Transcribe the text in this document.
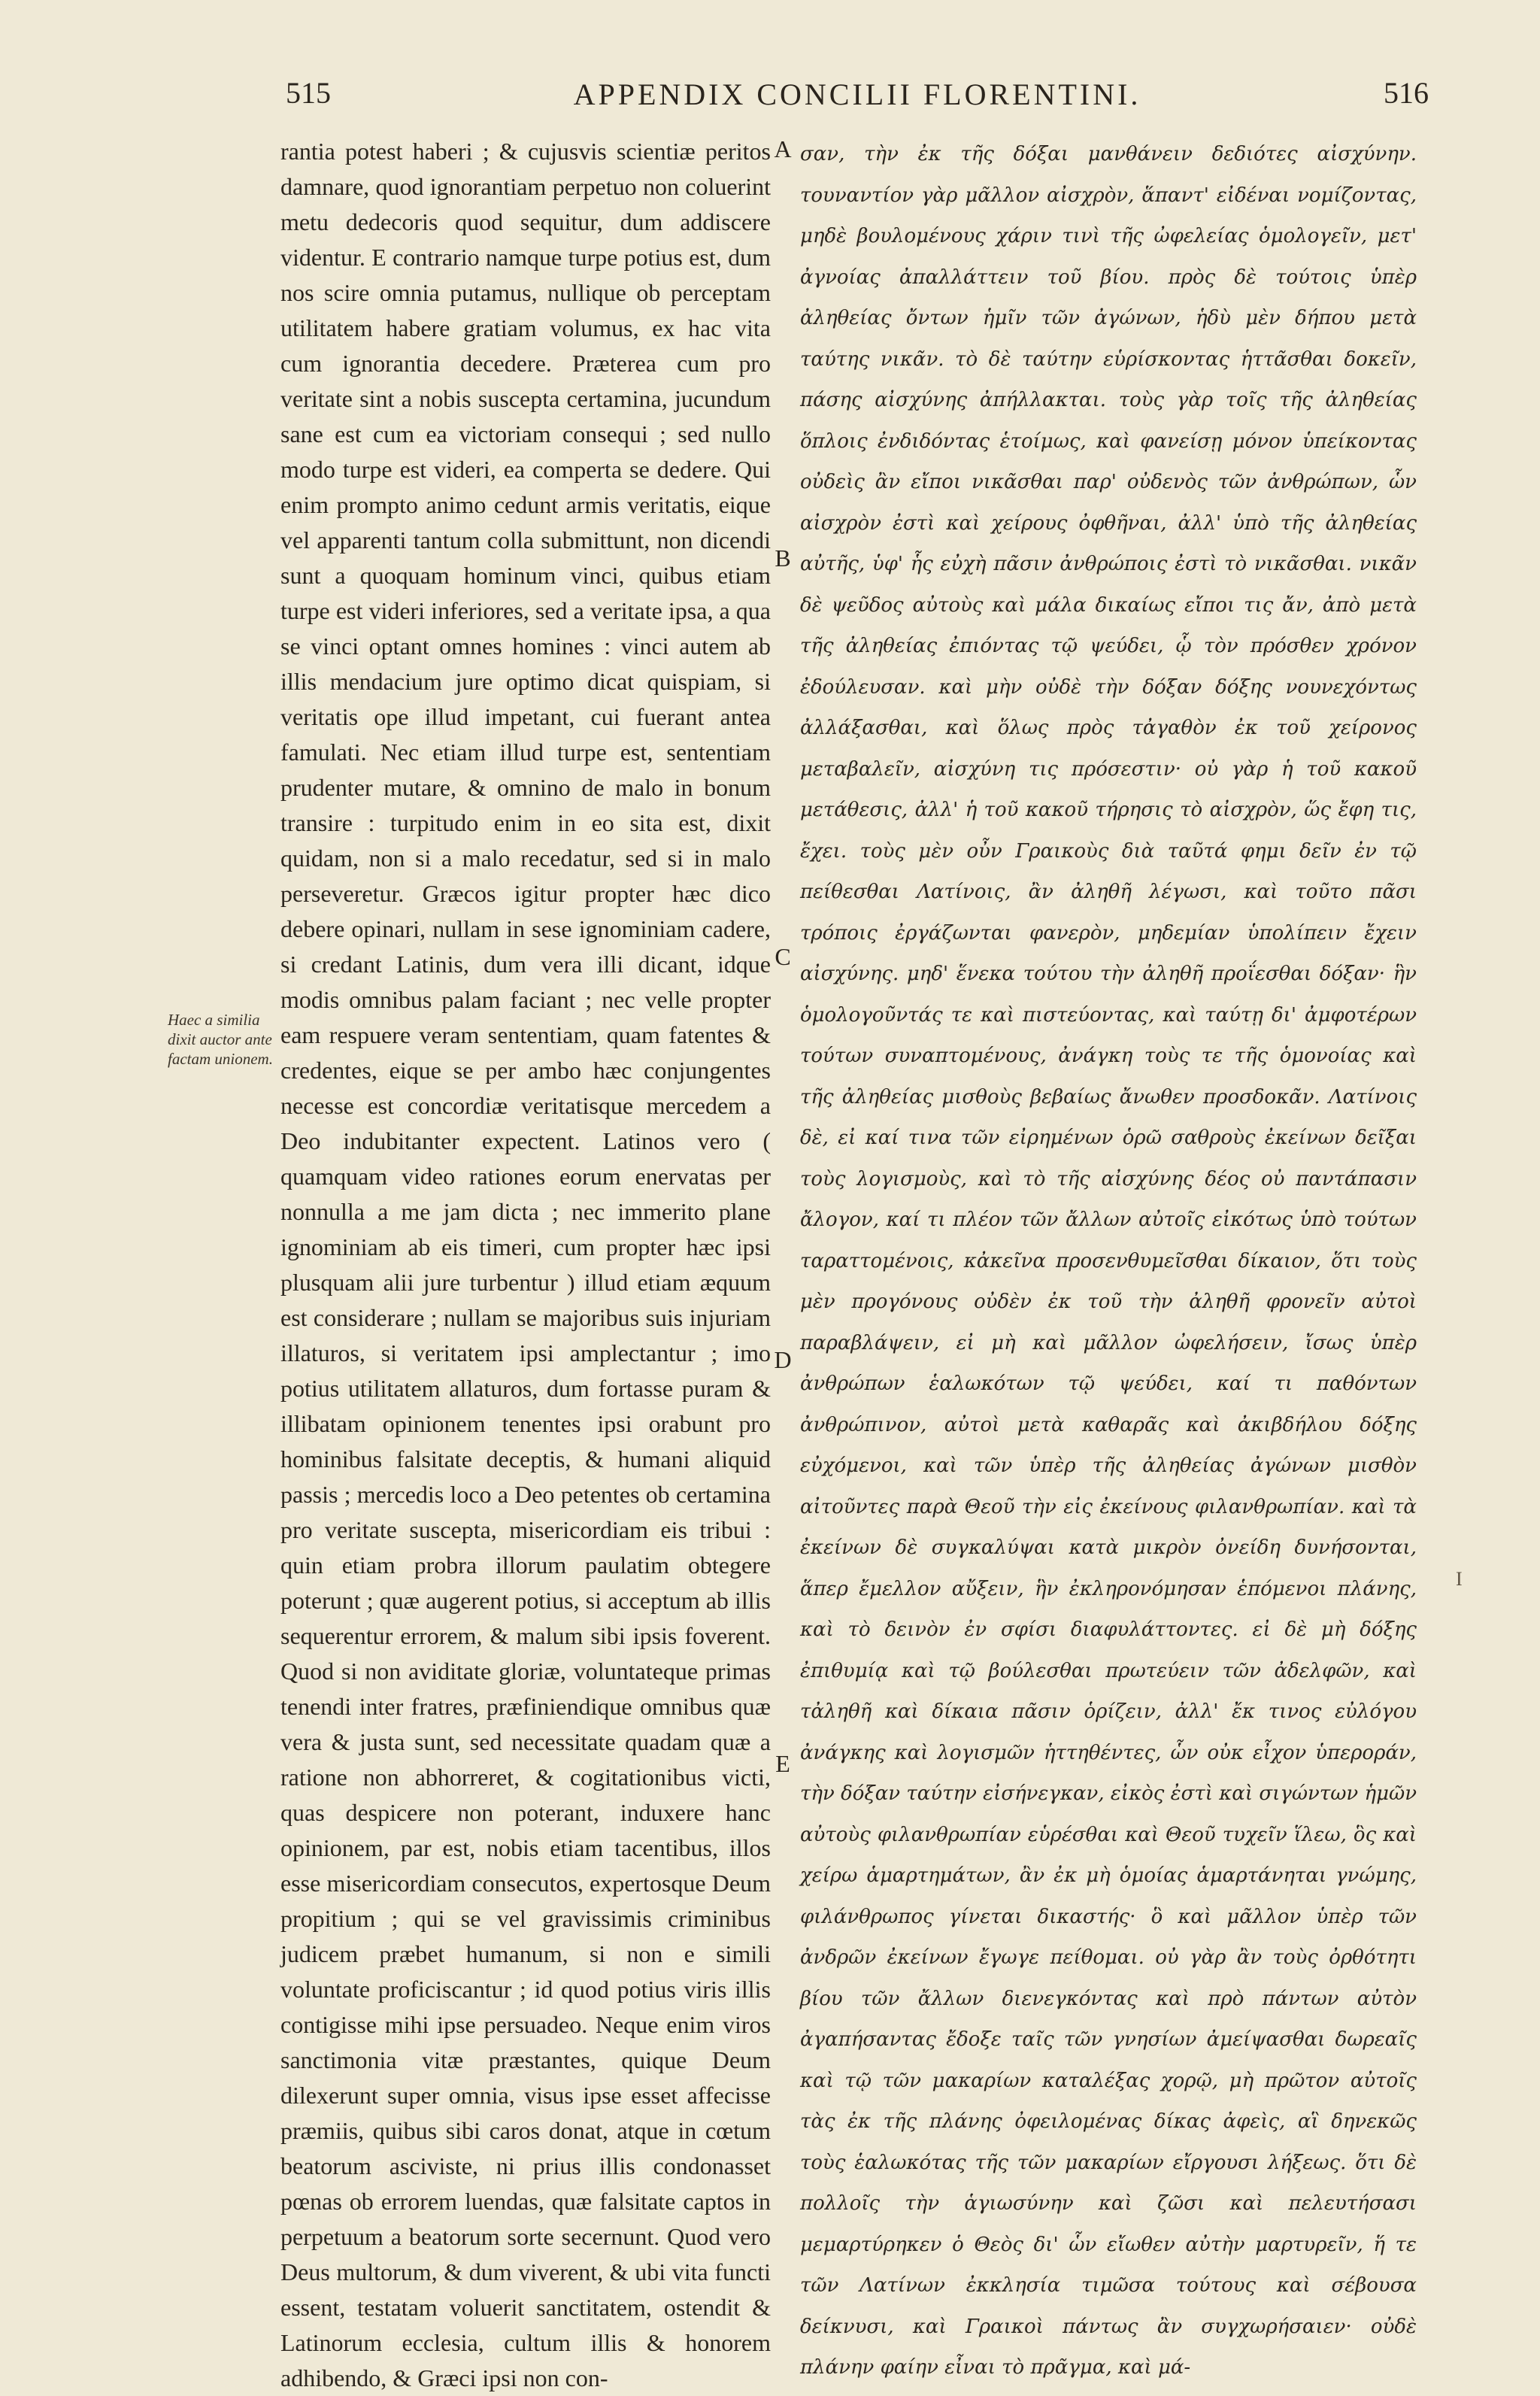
515	APPENDIX CONCILII FLORENTINI.	516

rantia potest haberi ; & cujusvis scientiæ peritos damnare, quod ignorantiam perpetuo non coluerint metu dedecoris quod sequitur, dum addiscere videntur. E contrario namque turpe potius est, dum nos scire omnia putamus, nullique ob perceptam utilitatem habere gratiam volumus, ex hac vita cum ignorantia decedere. Præterea cum pro veritate sint a nobis suscepta certamina, jucundum sane est cum ea victoriam consequi ; sed nullo modo turpe est videri, ea comperta se dedere. Qui enim prompto animo cedunt armis veritatis, eique vel apparenti tantum colla submittunt, non dicendi sunt a quoquam hominum vinci, quibus etiam turpe est videri inferiores, sed a veritate ipsa, a qua se vinci optant omnes homines : vinci autem ab illis mendacium jure optimo dicat quispiam, si veritatis ope illud impetant, cui fuerant antea famulati. Nec etiam illud turpe est, sententiam prudenter mutare, & omnino de malo in bonum transire : turpitudo enim in eo sita est, dixit quidam, non si a malo recedatur, sed si in malo perseveretur. Græcos igitur propter hæc dico debere opinari, nullam in sese ignominiam cadere, si credant Latinis, dum vera illi dicant, idque modis omnibus palam faciant ; nec velle propter eam respuere veram sententiam, quam fatentes & credentes, eique se per ambo hæc conjungentes necesse est concordiæ veritatisque mercedem a Deo indubitanter expectent. Latinos vero ( quamquam video rationes eorum enervatas per nonnulla a me jam dicta ; nec immerito plane ignominiam ab eis timeri, cum propter hæc ipsi plusquam alii jure turbentur ) illud etiam æquum est considerare ; nullam se majoribus suis injuriam illaturos, si veritatem ipsi amplectantur ; imo potius utilitatem allaturos, dum fortasse puram & illibatam opinionem tenentes ipsi orabunt pro hominibus falsitate deceptis, & humani aliquid passis ; mercedis loco a Deo petentes ob certamina pro veritate suscepta, misericordiam eis tribui : quin etiam probra illorum paulatim obtegere poterunt ; quæ augerent potius, si acceptum ab illis sequerentur errorem, & malum sibi ipsis foverent. Quod si non aviditate gloriæ, voluntateque primas tenendi inter fratres, præfiniendique omnibus quæ vera & justa sunt, sed necessitate quadam quæ a ratione non abhorreret, & cogitationibus victi, quas despicere non poterant, induxere hanc opinionem, par est, nobis etiam tacentibus, illos esse misericordiam consecutos, expertosque Deum propitium ; qui se vel gravissimis criminibus judicem præbet humanum, si non e simili voluntate proficiscantur ; id quod potius viris illis contigisse mihi ipse persuadeo. Neque enim viros sanctimonia vitæ præstantes, quique Deum dilexerunt super omnia, visus ipse esset affecisse præmiis, quibus sibi caros donat, atque in cœtum beatorum asciviste, ni prius illis condonasset pœnas ob errorem luendas, quæ falsitate captos in perpetuum a beatorum sorte secernunt. Quod vero Deus multorum, & dum viverent, & ubi vita functi essent, testatam voluerit sanctitatem, ostendit & Latinorum ecclesia, cultum illis & honorem adhibendo, & Græci ipsi non con-

σαν, τὴν ἐκ τῆς δόξαι μανθάνειν δεδιότες αἰσχύνην. τουναντίον γὰρ μᾶλλον αἰσχρὸν, ἅπαντ' εἰδέναι νομίζοντας, μηδὲ βουλομένους χάριν τινὶ τῆς ὠφελείας ὁμολογεῖν, μετ' ἀγνοίας ἀπαλλάττειν τοῦ βίου. πρὸς δὲ τούτοις ὑπὲρ ἀληθείας ὄντων ἡμῖν τῶν ἀγώνων, ἡδὺ μὲν δήπου μετὰ ταύτης νικᾶν. τὸ δὲ ταύτην εὑρίσκοντας ἡττᾶσθαι δοκεῖν, πάσης αἰσχύνης ἀπήλλακται. τοὺς γὰρ τοῖς τῆς ἀληθείας ὅπλοις ἐνδιδόντας ἑτοίμως, καὶ φανείσῃ μόνον ὑπείκοντας οὐδεὶς ἂν εἴποι νικᾶσθαι παρ' οὐδενὸς τῶν ἀνθρώπων, ὧν αἰσχρὸν ἐστὶ καὶ χείρους ὀφθῆναι, ἀλλ' ὑπὸ τῆς ἀληθείας αὐτῆς, ὑφ' ἧς εὐχὴ πᾶσιν ἀνθρώποις ἐστὶ τὸ νικᾶσθαι. νικᾶν δὲ ψεῦδος αὐτοὺς καὶ μάλα δικαίως εἴποι τις ἄν, ἀπὸ μετὰ τῆς ἀληθείας ἐπιόντας τῷ ψεύδει, ᾧ τὸν πρόσθεν χρόνον ἐδούλευσαν. καὶ μὴν οὐδὲ τὴν δόξαν δόξης νουνεχόντως ἀλλάξασθαι, καὶ ὅλως πρὸς τἀγαθὸν ἐκ τοῦ χείρονος μεταβαλεῖν, αἰσχύνη τις πρόσεστιν· οὐ γὰρ ἡ τοῦ κακοῦ μετάθεσις, ἀλλ' ἡ τοῦ κακοῦ τήρησις τὸ αἰσχρὸν, ὥς ἔφη τις, ἔχει. τοὺς μὲν οὖν Γραικοὺς διὰ ταῦτά φημι δεῖν ἐν τῷ πείθεσθαι Λατίνοις, ἂν ἀληθῆ λέγωσι, καὶ τοῦτο πᾶσι τρόποις ἐργάζωνται φανερὸν, μηδεμίαν ὑπολίπειν ἔχειν αἰσχύνης. μηδ' ἕνεκα τούτου τὴν ἀληθῆ προΐεσθαι δόξαν· ἣν ὁμολογοῦντάς τε καὶ πιστεύοντας, καὶ ταύτῃ δι' ἀμφοτέρων τούτων συναπτομένους, ἀνάγκη τοὺς τε τῆς ὁμονοίας καὶ τῆς ἀληθείας μισθοὺς βεβαίως ἄνωθεν προσδοκᾶν. Λατίνοις δὲ, εἰ καί τινα τῶν εἰρημένων ὁρῶ σαθροὺς ἐκείνων δεῖξαι τοὺς λογισμοὺς, καὶ τὸ τῆς αἰσχύνης δέος οὐ παντάπασιν ἄλογον, καί τι πλέον τῶν ἄλλων αὐτοῖς εἰκότως ὑπὸ τούτων ταραττομένοις, κἀκεῖνα προσενθυμεῖσθαι δίκαιον, ὅτι τοὺς μὲν προγόνους οὐδὲν ἐκ τοῦ τὴν ἀληθῆ φρονεῖν αὐτοὶ παραβλάψειν, εἰ μὴ καὶ μᾶλλον ὠφελήσειν, ἴσως ὑπὲρ ἀνθρώπων ἑαλωκότων τῷ ψεύδει, καί τι παθόντων ἀνθρώπινον, αὐτοὶ μετὰ καθαρᾶς καὶ ἀκιβδήλου δόξης εὐχόμενοι, καὶ τῶν ὑπὲρ τῆς ἀληθείας ἀγώνων μισθὸν αἰτοῦντες παρὰ Θεοῦ τὴν εἰς ἐκείνους φιλανθρωπίαν. καὶ τὰ ἐκείνων δὲ συγκαλύψαι κατὰ μικρὸν ὀνείδη δυνήσονται, ἅπερ ἔμελλον αὔξειν, ἣν ἐκληρονόμησαν ἑπόμενοι πλάνης, καὶ τὸ δεινὸν ἐν σφίσι διαφυλάττοντες. εἰ δὲ μὴ δόξης ἐπιθυμίᾳ καὶ τῷ βούλεσθαι πρωτεύειν τῶν ἀδελφῶν, καὶ τἀληθῆ καὶ δίκαια πᾶσιν ὁρίζειν, ἀλλ' ἔκ τινος εὐλόγου ἀνάγκης καὶ λογισμῶν ἡττηθέντες, ὧν οὐκ εἶχον ὑπεροράν, τὴν δόξαν ταύτην εἰσήνεγκαν, εἰκὸς ἐστὶ καὶ σιγώντων ἡμῶν αὐτοὺς φιλανθρωπίαν εὑρέσθαι καὶ Θεοῦ τυχεῖν ἵλεω, ὃς καὶ χείρω ἁμαρτημάτων, ἂν ἐκ μὴ ὁμοίας ἁμαρτάνηται γνώμης, φιλάνθρωπος γίνεται δικαστής· ὃ καὶ μᾶλλον ὑπὲρ τῶν ἀνδρῶν ἐκείνων ἔγωγε πείθομαι. οὐ γὰρ ἂν τοὺς ὀρθότητι βίου τῶν ἄλλων διενεγκόντας καὶ πρὸ πάντων αὐτὸν ἀγαπήσαντας ἔδοξε ταῖς τῶν γνησίων ἀμείψασθαι δωρεαῖς καὶ τῷ τῶν μακαρίων καταλέξας χορῷ, μὴ πρῶτον αὐτοῖς τὰς ἐκ τῆς πλάνης ὀφειλομένας δίκας ἀφεὶς, αἳ δηνεκῶς τοὺς ἑαλωκότας τῆς τῶν μακαρίων εἴργουσι λήξεως. ὅτι δὲ πολλοῖς τὴν ἁγιωσύνην καὶ ζῶσι καὶ πελευτήσασι μεμαρτύρηκεν ὁ Θεὸς δι' ὧν εἴωθεν αὐτὴν μαρτυρεῖν, ἥ τε τῶν Λατίνων ἐκκλησία τιμῶσα τούτους καὶ σέβουσα δείκνυσι, καὶ Γραικοὶ πάντως ἂν συγχωρήσαιεν· οὐδὲ πλάνην φαίην εἶναι τὸ πρᾶγμα, καὶ μά-

Haec a similia dixit auctor ante factam unionem.
A
B
C
D
E
I
